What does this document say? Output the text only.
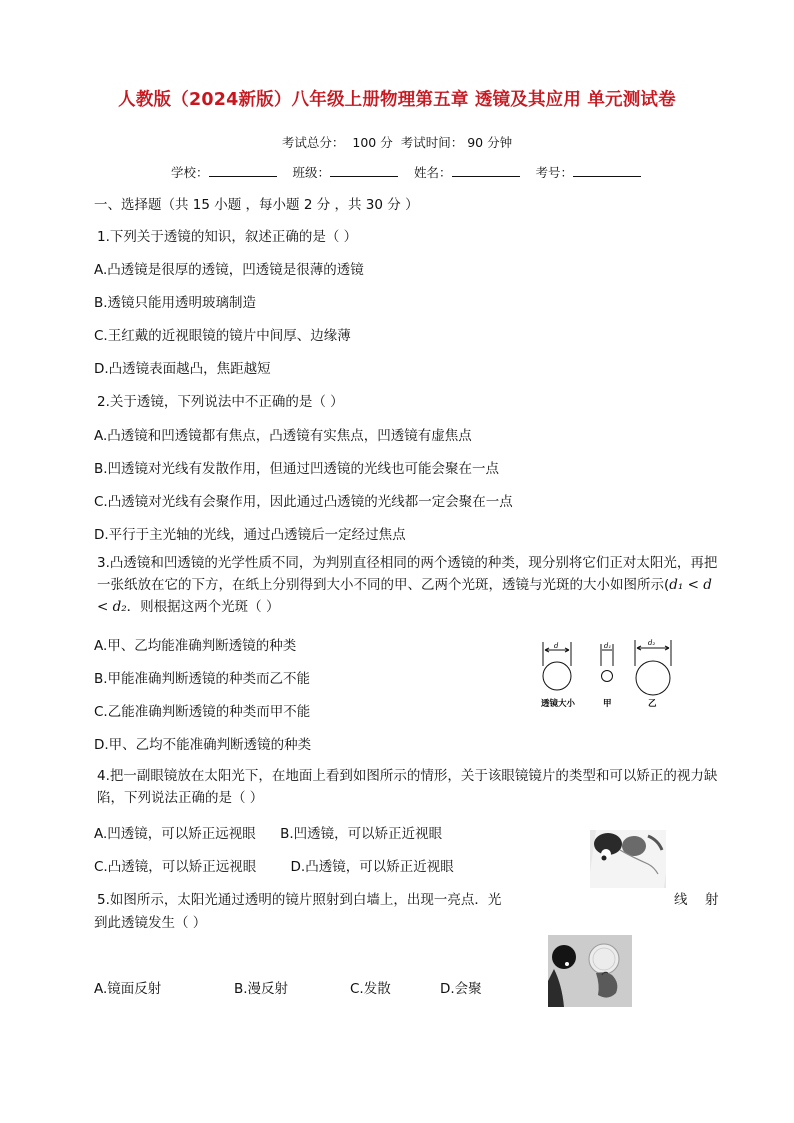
人教版（2024新版）八年级上册物理第五章 透镜及其应用 单元测试卷
考试总分： 100 分 考试时间： 90 分钟
学校：	班级：	姓名：	考号：
一、选择题（共 15 小题 ，每小题 2 分 ，共 30 分 ）
1.下列关于透镜的知识，叙述正确的是（ ）
A.凸透镜是很厚的透镜，凹透镜是很薄的透镜
B.透镜只能用透明玻璃制造
C.王红戴的近视眼镜的镜片中间厚、边缘薄
D.凸透镜表面越凸，焦距越短
2.关于透镜，下列说法中不正确的是（ ）
A.凸透镜和凹透镜都有焦点，凸透镜有实焦点，凹透镜有虚焦点
B.凹透镜对光线有发散作用，但通过凹透镜的光线也可能会聚在一点
C.凸透镜对光线有会聚作用，因此通过凸透镜的光线都一定会聚在一点
D.平行于主光轴的光线，通过凸透镜后一定经过焦点
3.凸透镜和凹透镜的光学性质不同，为判别直径相同的两个透镜的种类，现分别将它们正对太阳光，再把一张纸放在它的下方，在纸上分别得到大小不同的甲、乙两个光斑，透镜与光斑的大小如图所示(d₁ < d < d₂．则根据这两个光斑（ ）
A.甲、乙均能准确判断透镜的种类
B.甲能准确判断透镜的种类而乙不能
C.乙能准确判断透镜的种类而甲不能
D.甲、乙均不能准确判断透镜的种类
d	d₁	d₂
透镜大小	甲	乙
4.把一副眼镜放在太阳光下，在地面上看到如图所示的情形，关于该眼镜镜片的类型和可以矫正的视力缺陷，下列说法正确的是（ ）
A.凹透镜，可以矫正远视眼 B.凹透镜，可以矫正近视眼
C.凸透镜，可以矫正远视眼	D.凸透镜，可以矫正近视眼
5.如图所示，太阳光通过透明的镜片照射到白墙上，出现一亮点．光	线 射
到此透镜发生（ ）
A.镜面反射	B.漫反射	C.发散	D.会聚
